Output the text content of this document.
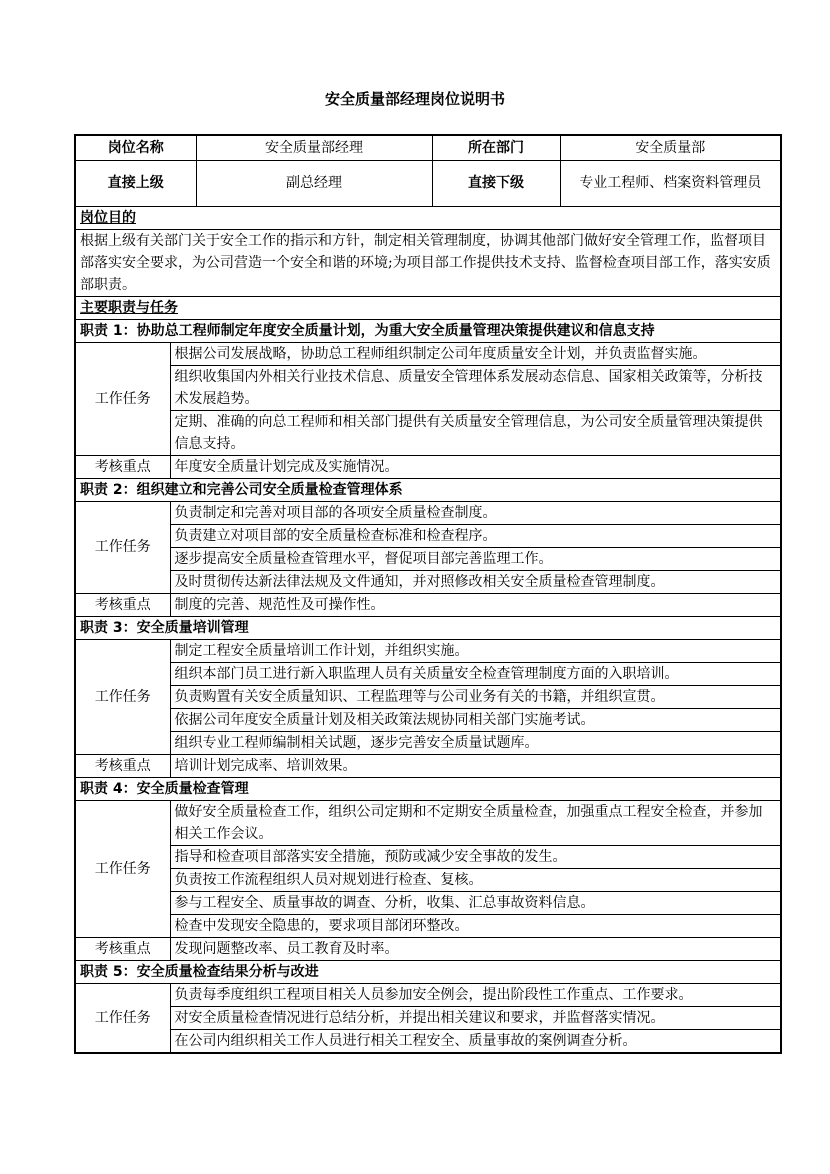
安全质量部经理岗位说明书
岗位名称		安全质量部经理	所在部门	安全质量部
直接上级		副总经理	直接下级	专业工程师、档案资料管理员
岗位目的				
根据上级有关部门关于安全工作的指示和方针，制定相关管理制度，协调其他部门做好安全管理工作，监督项目部落实安全要求，为公司营造一个安全和谐的环境;为项目部工作提供技术支持、监督检查项目部工作，落实安质部职责。				
主要职责与任务				
职责 1：协助总工程师制定年度安全质量计划，为重大安全质量管理决策提供建议和信息支持				
工作任务	根据公司发展战略，协助总工程师组织制定公司年度质量安全计划，并负责监督实施。			
	组织收集国内外相关行业技术信息、质量安全管理体系发展动态信息、国家相关政策等，分析技术发展趋势。			
	定期、准确的向总工程师和相关部门提供有关质量安全管理信息，为公司安全质量管理决策提供信息支持。			
考核重点	年度安全质量计划完成及实施情况。			
职责 2：组织建立和完善公司安全质量检查管理体系				
工作任务	负责制定和完善对项目部的各项安全质量检查制度。			
	负责建立对项目部的安全质量检查标准和检查程序。			
	逐步提高安全质量检查管理水平，督促项目部完善监理工作。			
	及时贯彻传达新法律法规及文件通知，并对照修改相关安全质量检查管理制度。			
考核重点	制度的完善、规范性及可操作性。			
职责 3：安全质量培训管理				
工作任务	制定工程安全质量培训工作计划，并组织实施。			
	组织本部门员工进行新入职监理人员有关质量安全检查管理制度方面的入职培训。			
	负责购置有关安全质量知识、工程监理等与公司业务有关的书籍，并组织宣贯。			
	依据公司年度安全质量计划及相关政策法规协同相关部门实施考试。			
	组织专业工程师编制相关试题，逐步完善安全质量试题库。			
考核重点	培训计划完成率、培训效果。			
职责 4：安全质量检查管理				
工作任务	做好安全质量检查工作，组织公司定期和不定期安全质量检查，加强重点工程安全检查，并参加相关工作会议。			
	指导和检查项目部落实安全措施，预防或减少安全事故的发生。			
	负责按工作流程组织人员对规划进行检查、复核。			
	参与工程安全、质量事故的调查、分析，收集、汇总事故资料信息。			
	检查中发现安全隐患的，要求项目部闭环整改。			
考核重点	发现问题整改率、员工教育及时率。			
职责 5：安全质量检查结果分析与改进				
工作任务	负责每季度组织工程项目相关人员参加安全例会，提出阶段性工作重点、工作要求。			
	对安全质量检查情况进行总结分析，并提出相关建议和要求，并监督落实情况。			
	在公司内组织相关工作人员进行相关工程安全、质量事故的案例调查分析。			
